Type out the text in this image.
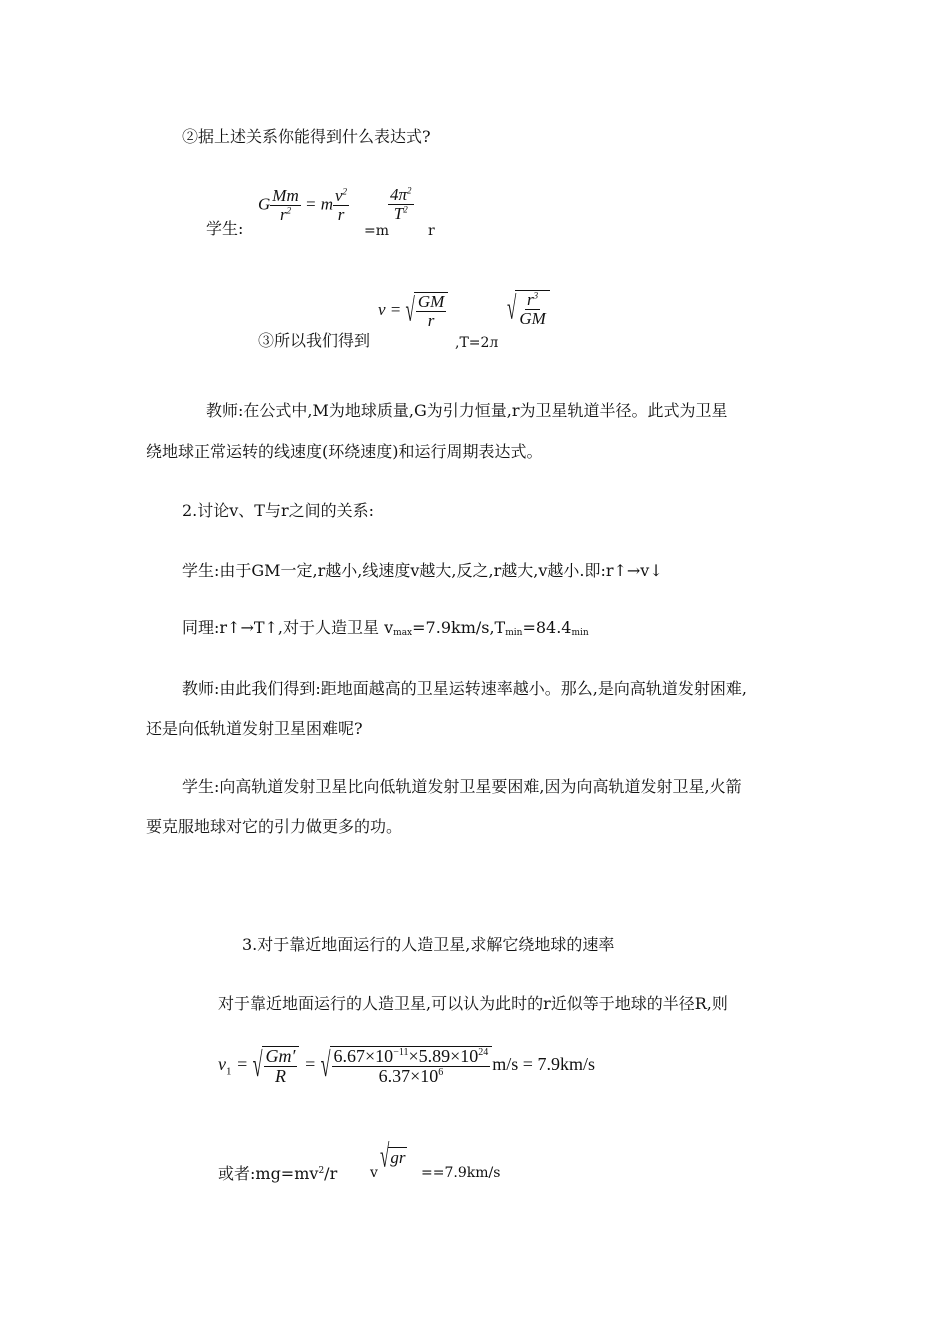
②据上述关系你能得到什么表达式?
学生:
G $\frac{Mm}{r^2} = m \frac{v^2}{r}$
=m
$\frac{4\pi^2}{T^2}$
r
v = √ $\frac{GM}{r}$
③所以我们得到	,T=2л
√ $\frac{r^3}{GM}$
教师:在公式中,M为地球质量,G为引力恒量,r为卫星轨道半径。此式为卫星
绕地球正常运转的线速度(环绕速度)和运行周期表达式。
2.讨论v、T与r之间的关系:
学生:由于GM一定,r越小,线速度v越大,反之,r越大,v越小.即:r↑→v↓
同理:r↑→T↑,对于人造卫星 $v_{max}=7.9km/s,T_{min}=84.4_{min}$
教师:由此我们得到:距地面越高的卫星运转速率越小。那么,是向高轨道发射困难,
还是向低轨道发射卫星困难呢?
学生:向高轨道发射卫星比向低轨道发射卫星要困难,因为向高轨道发射卫星,火箭
要克服地球对它的引力做更多的功。
3.对于靠近地面运行的人造卫星,求解它绕地球的速率
对于靠近地面运行的人造卫星,可以认为此时的r近似等于地球的半径R,则
$v_1$ = √ $\frac{Gm'}{R}$ = √ $\frac{6.67\times 10^{-11}\times 5.89\times 10^{24}}{6.37\times 10^6} m/s = 7.9km/s$
或者$:mg=mv^2/r$ v √gr
==7.9km/s
